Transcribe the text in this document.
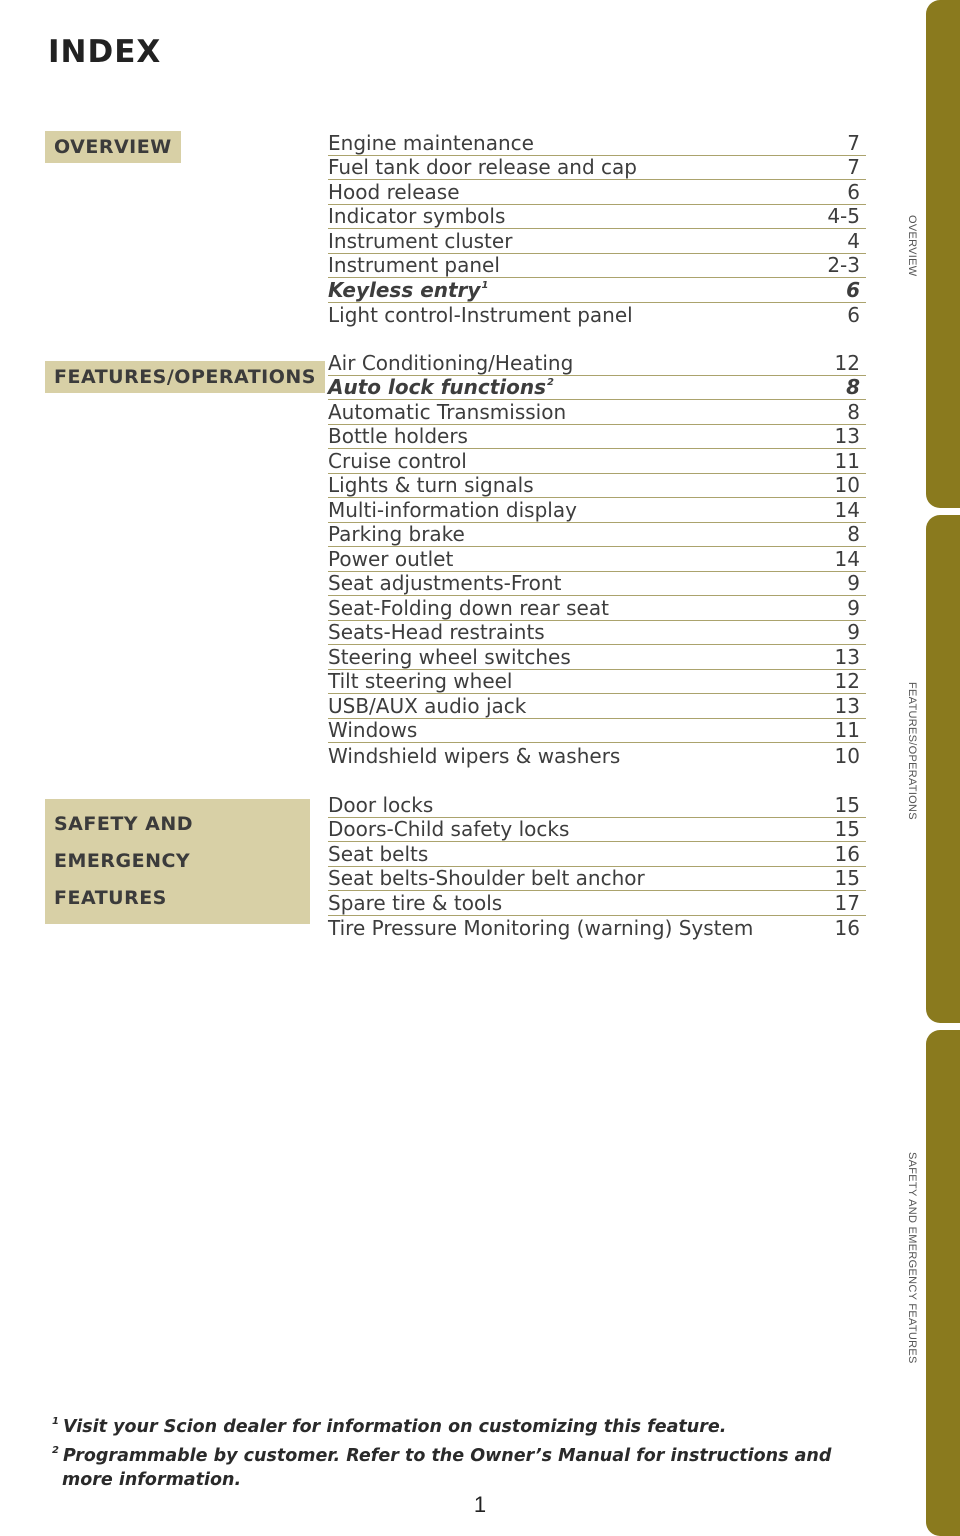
INDEX
OVERVIEW	Engine maintenance	7
Fuel tank door release and cap	7
Hood release	6
Indicator symbols	4-5
Instrument cluster	4
Instrument panel	2-3
Keyless entry$^1$	6
Light control-Instrument panel	6
FEATURES/OPERATIONS
Air Conditioning/Heating	12
Auto lock functions$^2$	8
Automatic Transmission	8
Bottle holders	13
Cruise control	11
Lights & turn signals	10
Multi-information display	14
Parking brake	8
Power outlet	14
Seat adjustments-Front	9
Seat-Folding down rear seat	9
Seats-Head restraints	9
Steering wheel switches	13
Tilt steering wheel	12
USB/AUX audio jack	13
Windows	11
Windshield wipers & washers	10
SAFETY AND
EMERGENCY FEATURES
Door locks	15
Doors-Child safety locks	15
Seat belts	16
Seat belts-Shoulder belt anchor	15
Spare tire & tools	17
Tire Pressure Monitoring (warning) System	16
$^1$ Visit your Scion dealer for information on customizing this feature.
$^2$ Programmable by customer. Refer to the Owner’s Manual for instructions and
more information.
1
OVERVIEW
FEATURES/OPERATIONS
SAFETY AND EMERGENCY FEATURES
